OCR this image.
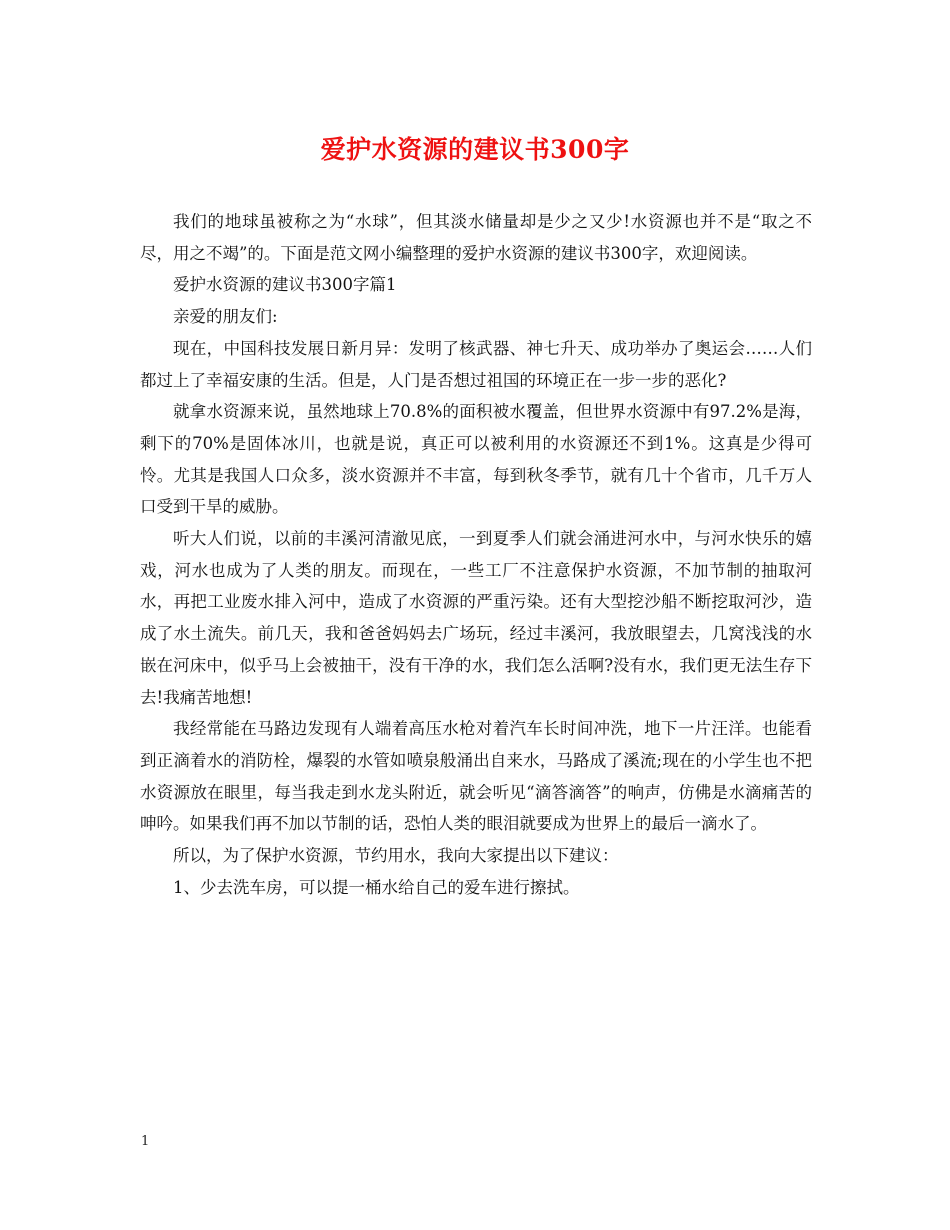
爱护水资源的建议书300字

我们的地球虽被称之为“水球”，但其淡水储量却是少之又少!水资源也并不是“取之不尽，用之不竭”的。下面是范文网小编整理的爱护水资源的建议书300字，欢迎阅读。

爱护水资源的建议书300字篇1

亲爱的朋友们:

现在，中国科技发展日新月异：发明了核武器、神七升天、成功举办了奥运会……人们都过上了幸福安康的生活。但是，人门是否想过祖国的环境正在一步一步的恶化?

就拿水资源来说，虽然地球上70.8%的面积被水覆盖，但世界水资源中有97.2%是海，剩下的70%是固体冰川，也就是说，真正可以被利用的水资源还不到1%。这真是少得可怜。尤其是我国人口众多，淡水资源并不丰富，每到秋冬季节，就有几十个省市，几千万人口受到干旱的威胁。

听大人们说，以前的丰溪河清澈见底，一到夏季人们就会涌进河水中，与河水快乐的嬉戏，河水也成为了人类的朋友。而现在，一些工厂不注意保护水资源，不加节制的抽取河水，再把工业废水排入河中，造成了水资源的严重污染。还有大型挖沙船不断挖取河沙，造成了水土流失。前几天，我和爸爸妈妈去广场玩，经过丰溪河，我放眼望去，几窝浅浅的水嵌在河床中，似乎马上会被抽干，没有干净的水，我们怎么活啊?没有水，我们更无法生存下去!我痛苦地想!

我经常能在马路边发现有人端着高压水枪对着汽车长时间冲洗，地下一片汪洋。也能看到正滴着水的消防栓，爆裂的水管如喷泉般涌出自来水，马路成了溪流;现在的小学生也不把水资源放在眼里，每当我走到水龙头附近，就会听见“滴答滴答”的响声，仿佛是水滴痛苦的呻吟。如果我们再不加以节制的话，恐怕人类的眼泪就要成为世界上的最后一滴水了。

所以，为了保护水资源，节约用水，我向大家提出以下建议：

1、少去洗车房，可以提一桶水给自己的爱车进行擦拭。

1
